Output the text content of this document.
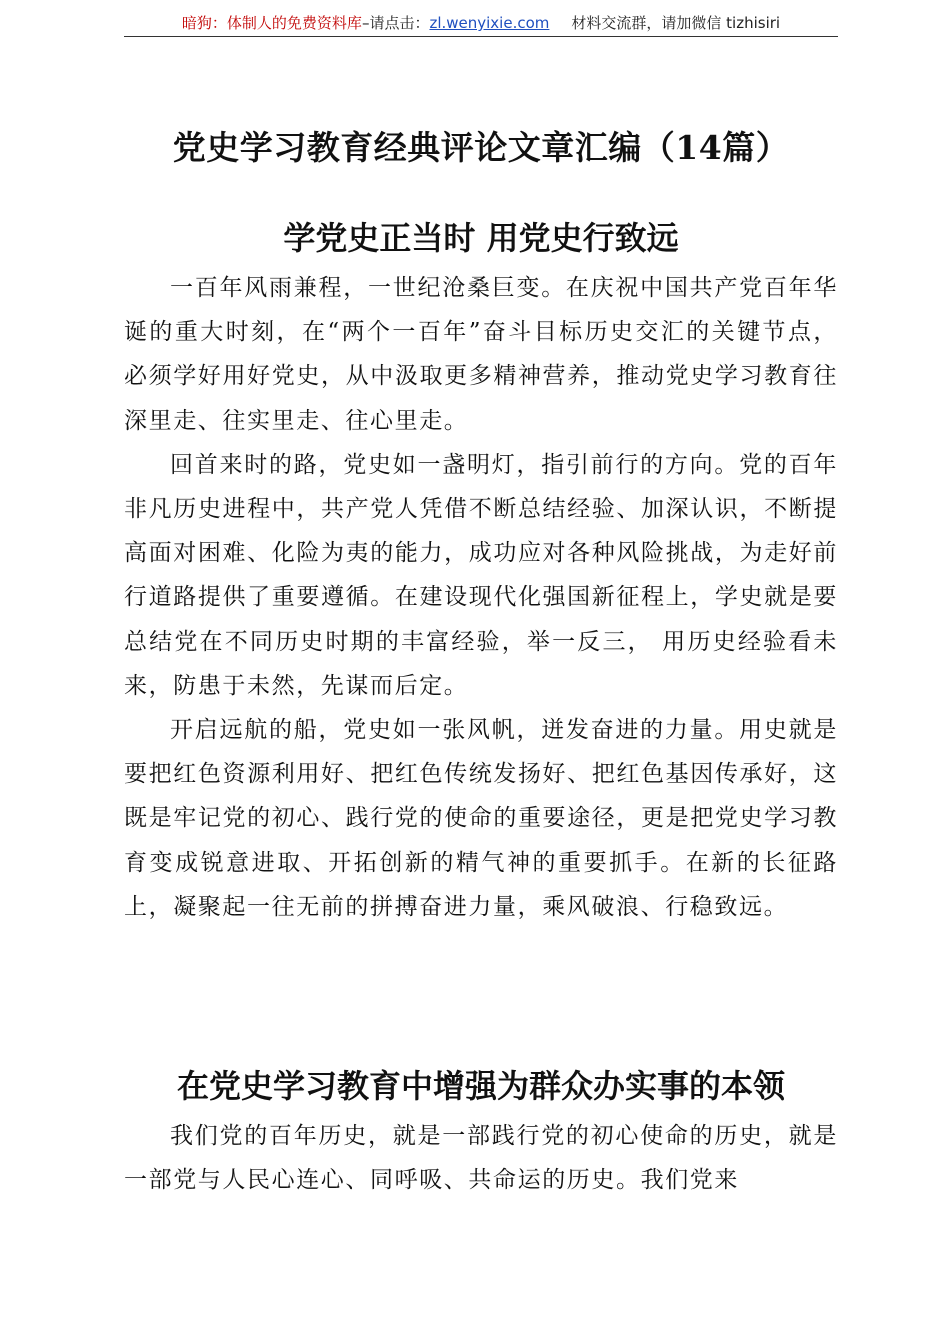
暗狗：体制人的免费资料库–请点击：zl.wenyixie.com 材料交流群，请加微信 tizhisiri
党史学习教育经典评论文章汇编（14篇）
学党史正当时 用党史行致远

一百年风雨兼程，一世纪沧桑巨变。在庆祝中国共产党百年华诞的重大时刻，在“两个一百年”奋斗目标历史交汇的关键节点，必须学好用好党史，从中汲取更多精神营养，推动党史学习教育往深里走、往实里走、往心里走。

回首来时的路，党史如一盏明灯，指引前行的方向。党的百年非凡历史进程中，共产党人凭借不断总结经验、加深认识，不断提高面对困难、化险为夷的能力，成功应对各种风险挑战，为走好前行道路提供了重要遵循。在建设现代化强国新征程上，学史就是要总结党在不同历史时期的丰富经验，举一反三， 用历史经验看未来，防患于未然，先谋而后定。

开启远航的船，党史如一张风帆，迸发奋进的力量。用史就是要把红色资源利用好、把红色传统发扬好、把红色基因传承好，这既是牢记党的初心、践行党的使命的重要途径，更是把党史学习教育变成锐意进取、开拓创新的精气神的重要抓手。在新的长征路上，凝聚起一往无前的拼搏奋进力量，乘风破浪、行稳致远。

在党史学习教育中增强为群众办实事的本领

我们党的百年历史，就是一部践行党的初心使命的历史，就是一部党与人民心连心、同呼吸、共命运的历史。我们党来
